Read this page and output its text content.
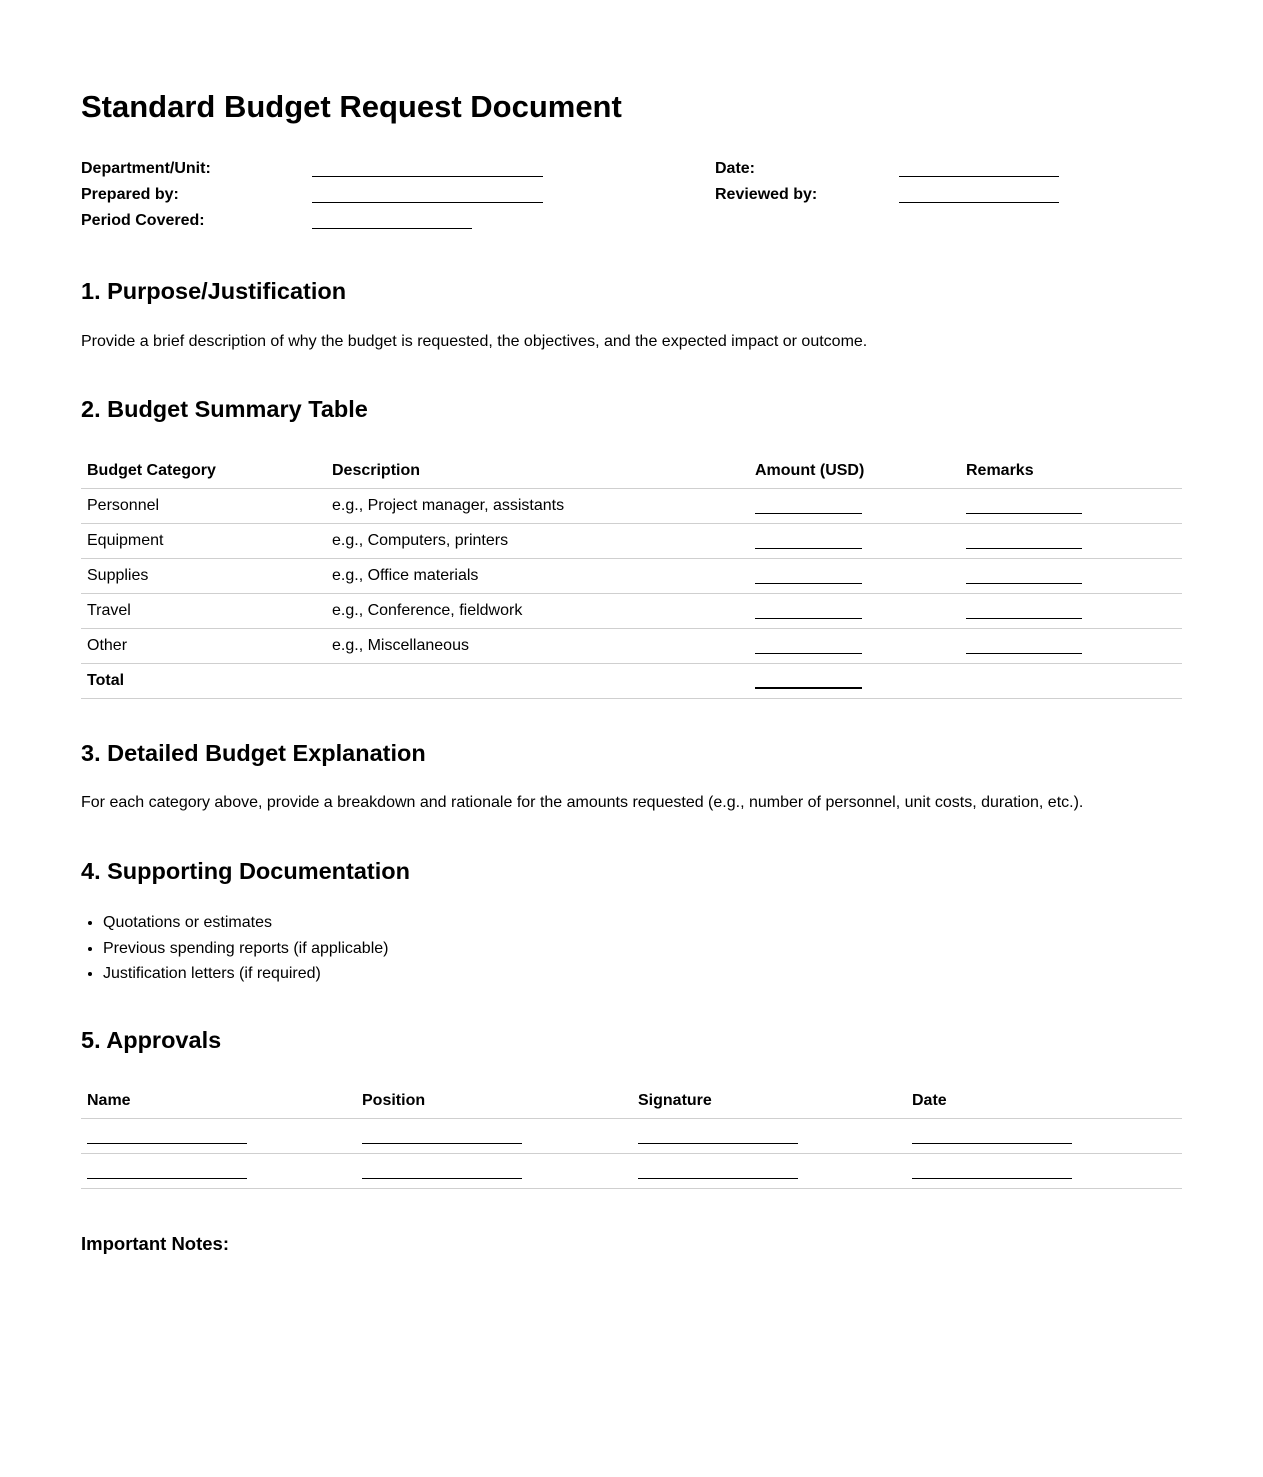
Standard Budget Request Document
Department/Unit:
Prepared by:
Period Covered:
Date:
Reviewed by:
1. Purpose/Justification

Provide a brief description of why the budget is requested, the objectives, and the expected impact or outcome.

2. Budget Summary Table
Budget Category	Description	Amount (USD)	Remarks
Personnel	e.g., Project manager, assistants		
Equipment	e.g., Computers, printers		
Supplies	e.g., Office materials		
Travel	e.g., Conference, fieldwork		
Other	e.g., Miscellaneous		
Total			
3. Detailed Budget Explanation

For each category above, provide a breakdown and rationale for the amounts requested (e.g., number of personnel, unit costs, duration, etc.).

4. Supporting Documentation
• Quotations or estimates
• Previous spending reports (if applicable)
• Justification letters (if required)
5. Approvals
Name	Position	Signature	Date

Important Notes:
